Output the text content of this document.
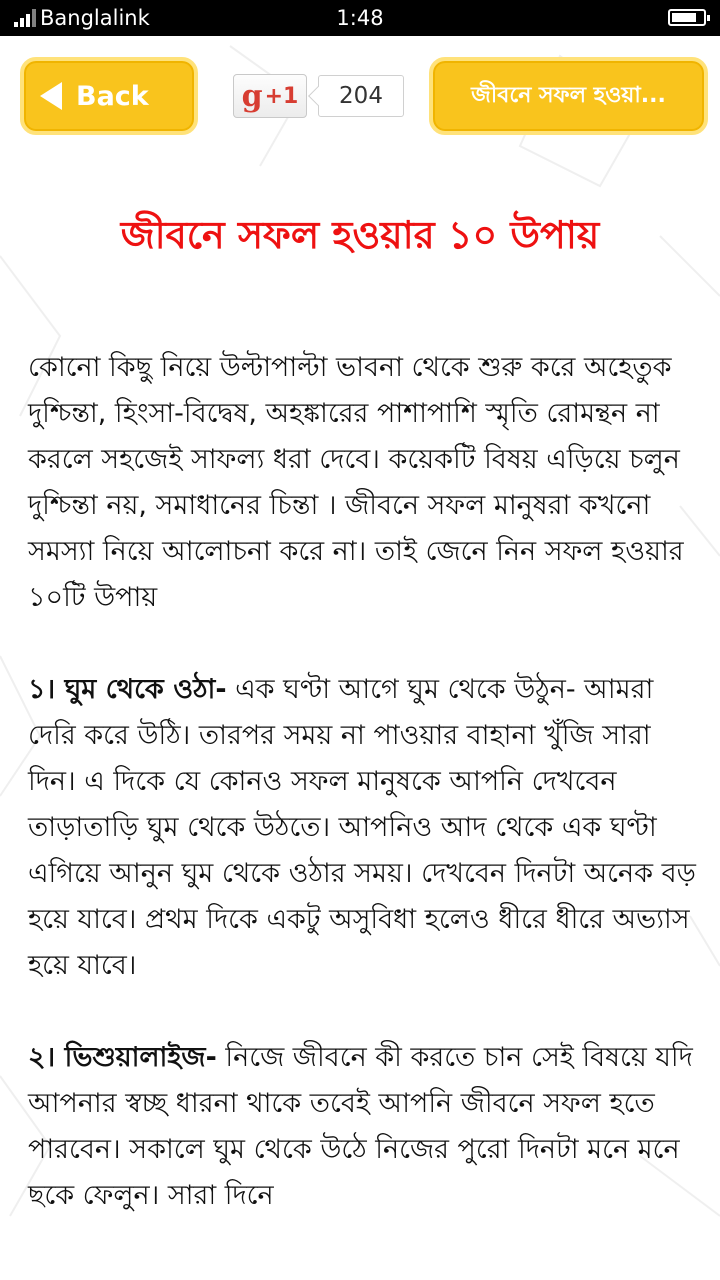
Banglalink	1:48
Back	g +1	204	জীবনে সফল হওয়া...
জীবনে সফল হওয়ার ১০ উপায়

কোনো কিছু নিয়ে উল্টাপাল্টা ভাবনা থেকে শুরু করে অহেতুক দুশ্চিন্তা, হিংসা-বিদ্বেষ, অহঙ্কারের পাশাপাশি স্মৃতি রোমন্থন না করলে সহজেই সাফল্য ধরা দেবে। কয়েকটি বিষয় এড়িয়ে চলুন দুশ্চিন্তা নয়, সমাধানের চিন্তা । জীবনে সফল মানুষরা কখনো সমস্যা নিয়ে আলোচনা করে না। তাই জেনে নিন সফল হওয়ার ১০টি উপায়

১। ঘুম থেকে ওঠা- এক ঘণ্টা আগে ঘুম থেকে উঠুন- আমরা দেরি করে উঠি। তারপর সময় না পাওয়ার বাহানা খুঁজি সারা দিন। এ দিকে যে কোনও সফল মানুষকে আপনি দেখবেন তাড়াতাড়ি ঘুম থেকে উঠতে। আপনিও আদ থেকে এক ঘণ্টা এগিয়ে আনুন ঘুম থেকে ওঠার সময়। দেখবেন দিনটা অনেক বড় হয়ে যাবে। প্রথম দিকে একটু অসুবিধা হলেও ধীরে ধীরে অভ্যাস হয়ে যাবে।

২। ভিশুয়ালাইজ- নিজে জীবনে কী করতে চান সেই বিষয়ে যদি আপনার স্বচ্ছ ধারনা থাকে তবেই আপনি জীবনে সফল হতে পারবেন। সকালে ঘুম থেকে উঠে নিজের পুরো দিনটা মনে মনে ছকে ফেলুন। সারা দিনে
